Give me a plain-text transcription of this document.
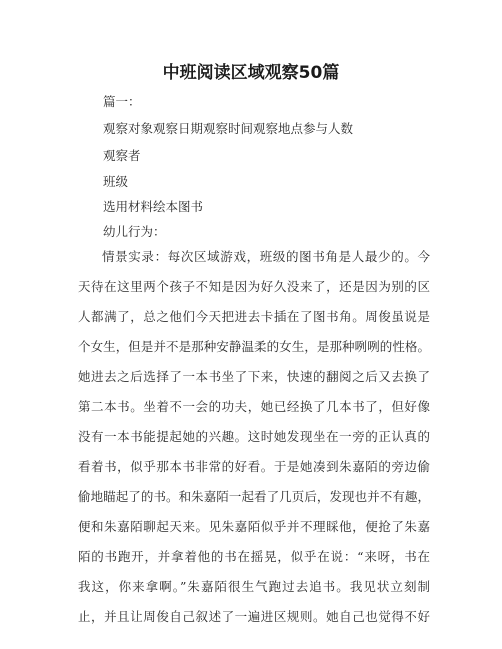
中班阅读区域观察50篇
篇一：
观察对象观察日期观察时间观察地点参与人数
观察者
班级
选用材料绘本图书
幼儿行为：
情景实录：每次区域游戏，班级的图书角是人最少的。今
天待在这里两个孩子不知是因为好久没来了，还是因为别的区
人都满了，总之他们今天把进去卡插在了图书角。周俊虽说是
个女生，但是并不是那种安静温柔的女生，是那种咧咧的性格。
她进去之后选择了一本书坐了下来，快速的翻阅之后又去换了
第二本书。坐着不一会的功夫，她已经换了几本书了，但好像
没有一本书能提起她的兴趣。这时她发现坐在一旁的正认真的
看着书，似乎那本书非常的好看。于是她凑到朱嘉陌的旁边偷
偷地瞄起了的书。和朱嘉陌一起看了几页后，发现也并不有趣，
便和朱嘉陌聊起天来。见朱嘉陌似乎并不理睬他，便抢了朱嘉
陌的书跑开，并拿着他的书在摇晃，似乎在说：“来呀，书在
我这，你来拿啊。”朱嘉陌很生气跑过去追书。我见状立刻制
止，并且让周俊自己叙述了一遍进区规则。她自己也觉得不好
